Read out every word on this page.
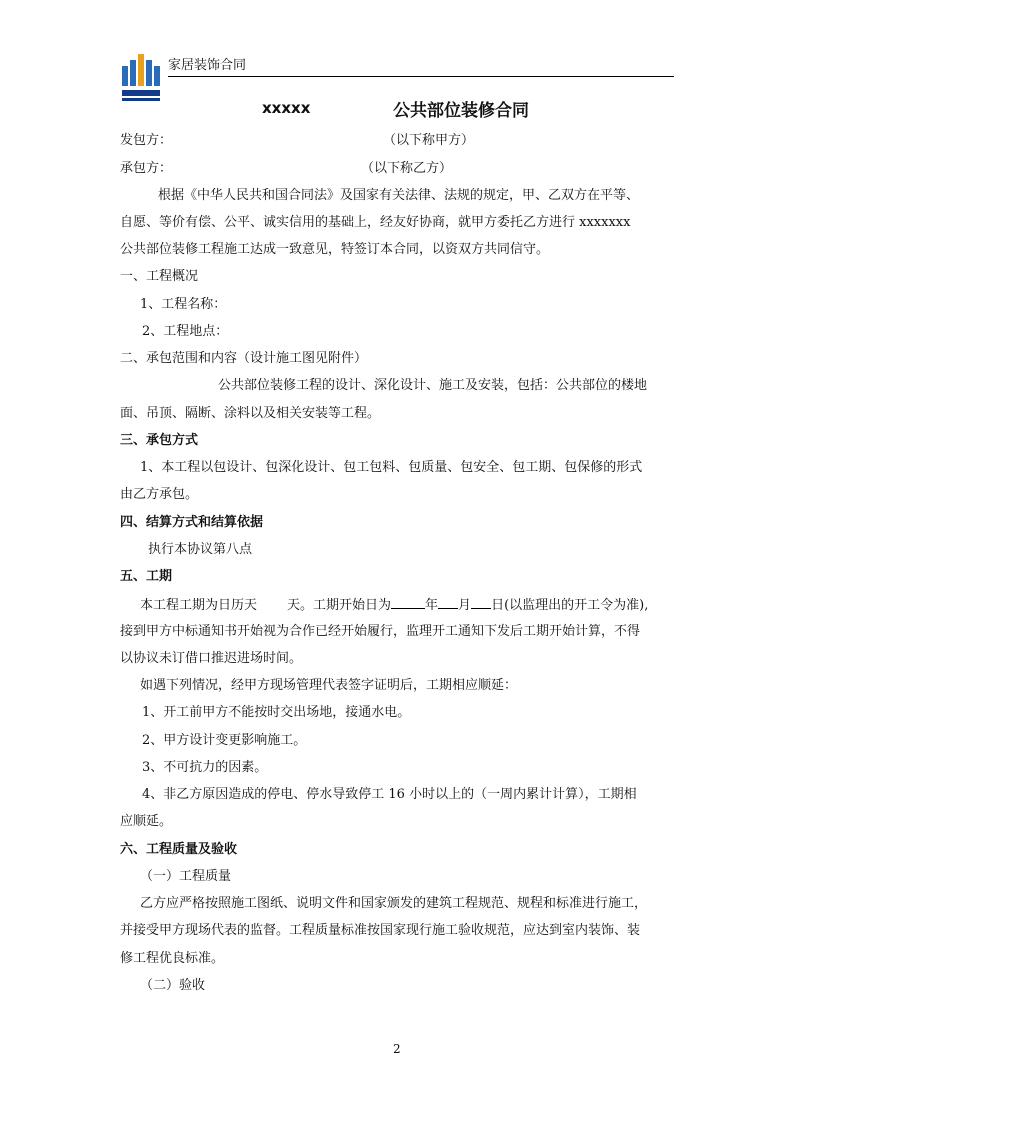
家居装饰合同
xxxxx	公共部位装修合同
发包方：	（以下称甲方）
承包方：	（以下称乙方）
根据《中华人民共和国合同法》及国家有关法律、法规的规定，甲、乙双方在平等、
自愿、等价有偿、公平、诚实信用的基础上，经友好协商，就甲方委托乙方进行 xxxxxxx
公共部位装修工程施工达成一致意见，特签订本合同，以资双方共同信守。
一、工程概况
1、工程名称：
2、工程地点：
二、承包范围和内容（设计施工图见附件）
公共部位装修工程的设计、深化设计、施工及安装，包括：公共部位的楼地
面、吊顶、隔断、涂料以及相关安装等工程。
三、承包方式
1、本工程以包设计、包深化设计、包工包料、包质量、包安全、包工期、包保修的形式
由乙方承包。
四、结算方式和结算依据
执行本协议第八点
五、工期
本工程工期为日历天 天。工期开始日为	年 月 日(以监理出的开工令为准),
接到甲方中标通知书开始视为合作已经开始履行，监理开工通知下发后工期开始计算，不得
以协议未订借口推迟进场时间。
如遇下列情况，经甲方现场管理代表签字证明后，工期相应顺延：
1、开工前甲方不能按时交出场地，接通水电。
2、甲方设计变更影响施工。
3、不可抗力的因素。
4、非乙方原因造成的停电、停水导致停工 16 小时以上的（一周内累计计算），工期相
应顺延。
六、工程质量及验收
（一）工程质量
乙方应严格按照施工图纸、说明文件和国家颁发的建筑工程规范、规程和标准进行施工，
并接受甲方现场代表的监督。工程质量标准按国家现行施工验收规范，应达到室内装饰、装
修工程优良标准。
（二）验收
2
